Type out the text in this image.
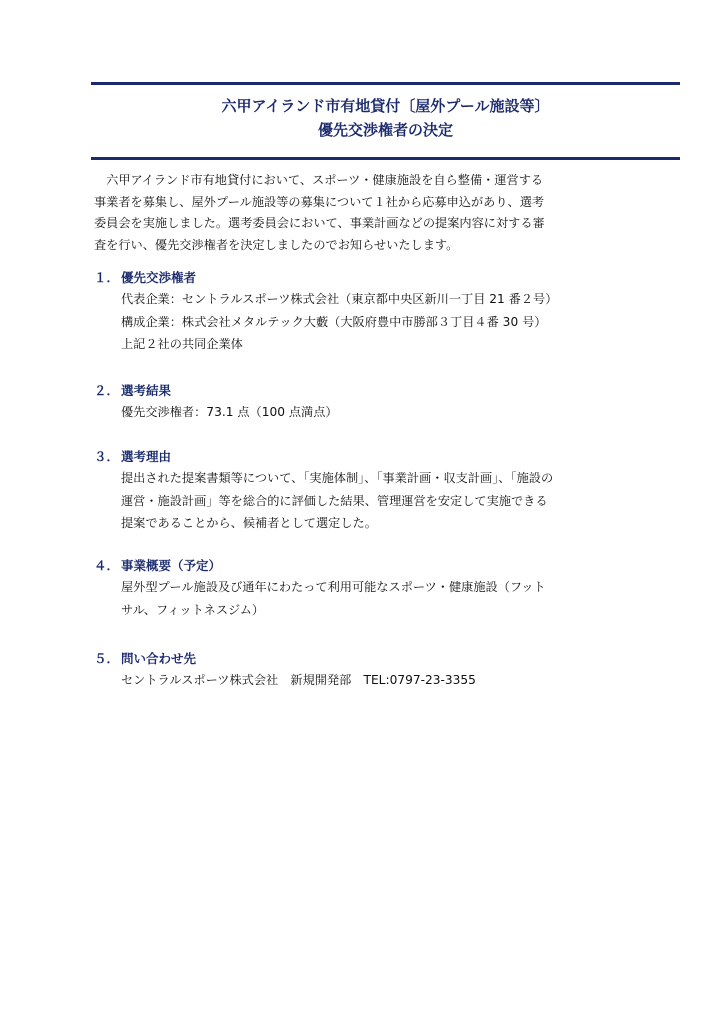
六甲アイランド市有地貸付〔屋外プール施設等〕
優先交渉権者の決定
　六甲アイランド市有地貸付において、スポーツ・健康施設を自ら整備・運営する
事業者を募集し、屋外プール施設等の募集について１社から応募申込があり、選考
委員会を実施しました。選考委員会において、事業計画などの提案内容に対する審
査を行い、優先交渉権者を決定しましたのでお知らせいたします。
１． 優先交渉権者
代表企業：セントラルスポーツ株式会社（東京都中央区新川一丁目 21 番２号）
構成企業：株式会社メタルテック大藪（大阪府豊中市勝部３丁目４番 30 号）
上記２社の共同企業体
２． 選考結果
優先交渉権者：73.1 点（100 点満点）
３． 選考理由
提出された提案書類等について、「実施体制」、「事業計画・収支計画」、「施設の
運営・施設計画」等を総合的に評価した結果、管理運営を安定して実施できる
提案であることから、候補者として選定した。
４． 事業概要（予定）
屋外型プール施設及び通年にわたって利用可能なスポーツ・健康施設（フット
サル、フィットネスジム）
５． 問い合わせ先
セントラルスポーツ株式会社　新規開発部　TEL:0797-23-3355
